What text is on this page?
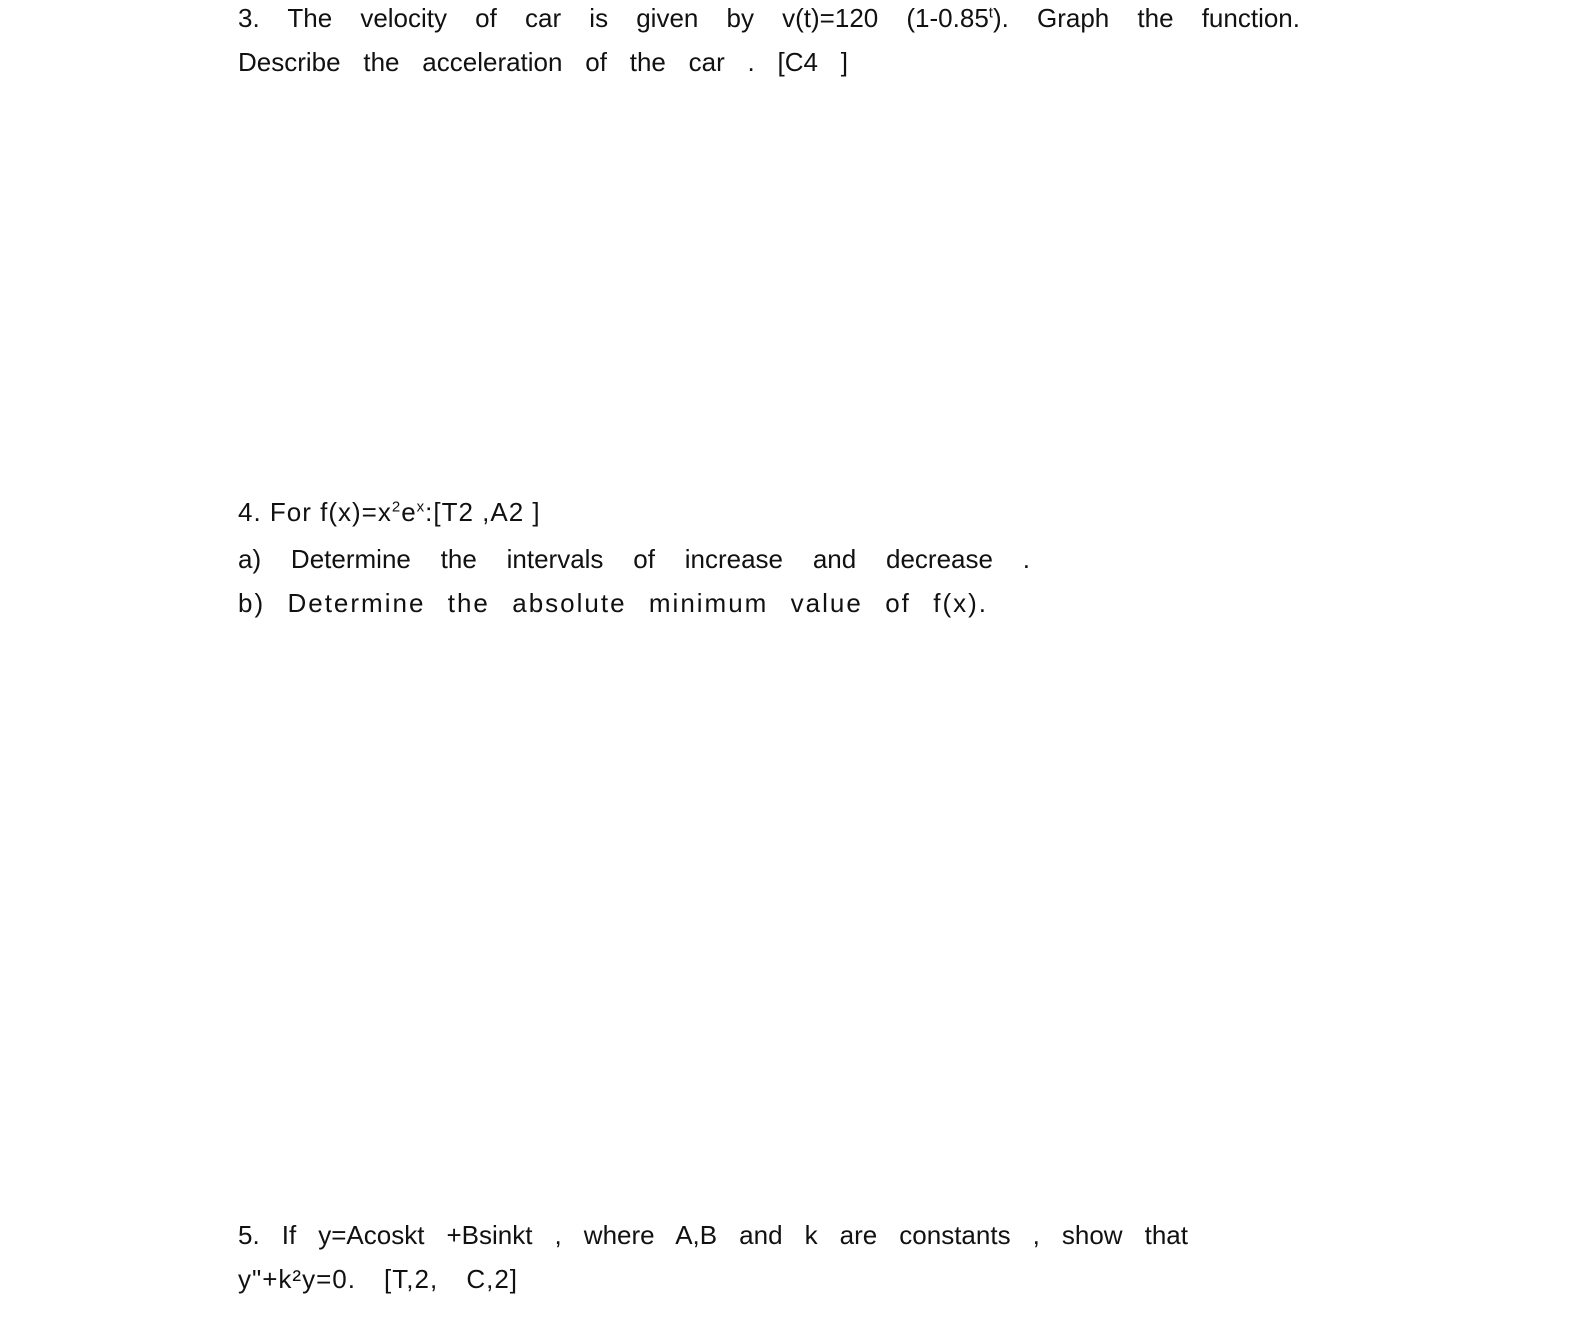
3. The velocity of car is given by v(t)=120 (1-0.85$^t$). Graph the function.
Describe the acceleration of the car . [C4 ]
4. For $f(x)=x^2e^x:[T2$ ,A2 ]
a) Determine the intervals of increase and decrease .
b) Determine the absolute minimum value of f(x).
5. If y=Acoskt +Bsinkt , where A,B and k are constants , show that
y"+k²y=0. [T,2, C,2]
